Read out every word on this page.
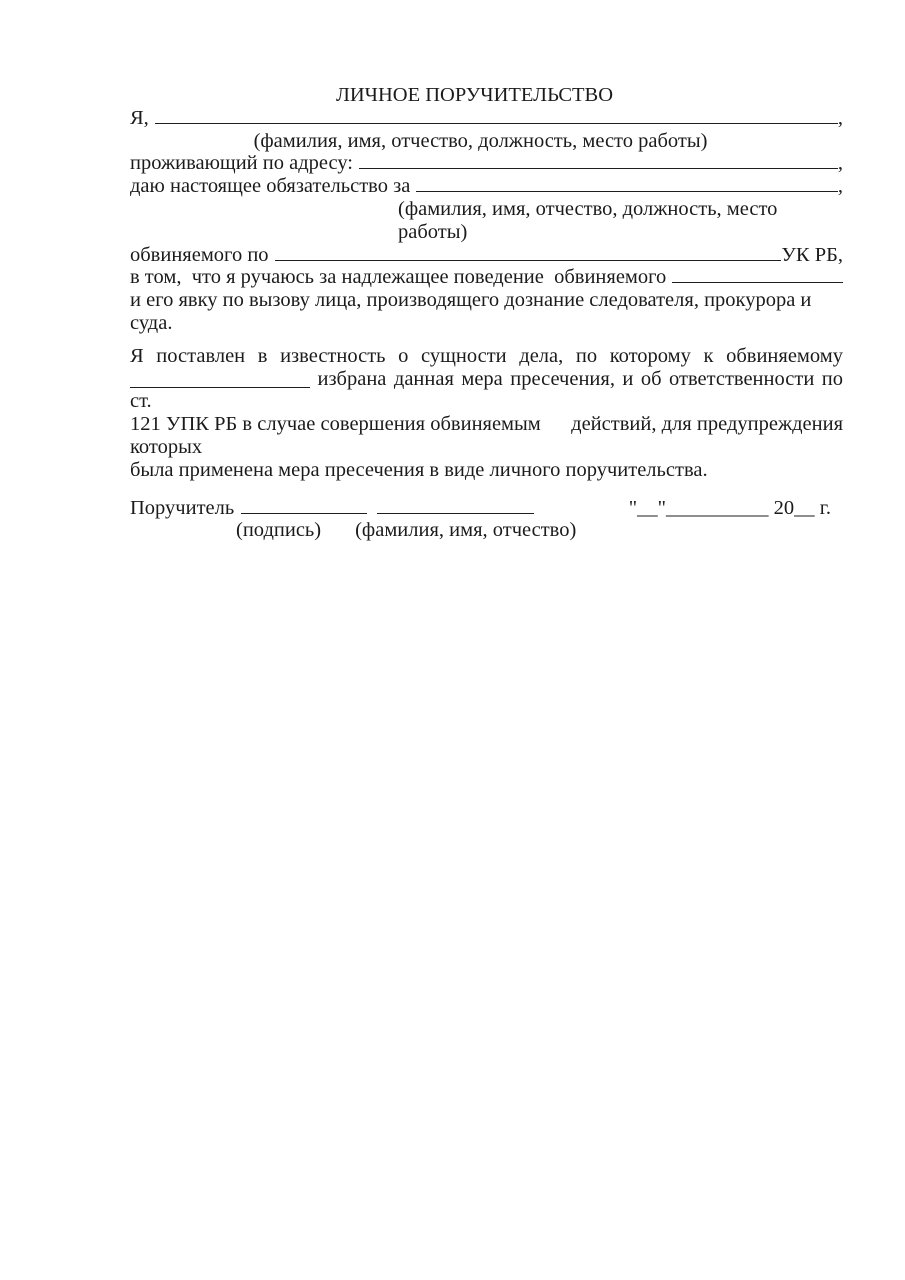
ЛИЧНОЕ ПОРУЧИТЕЛЬСТВО
Я,	,
(фамилия, имя, отчество, должность, место работы)
проживающий по адресу:	,
даю настоящее обязательство за	,
(фамилия, имя, отчество, должность, место работы)
обвиняемого по	УК РБ,
в том,  что я ручаюсь за надлежащее поведение  обвиняемого
и его явку по вызову лица, производящего дознание следователя, прокурора и суда.
Я поставлен в известность о сущности дела, по которому к обвиняемому
избрана данная мера пресечения, и об ответственности по ст.
121 УПК РБ в случае совершения обвиняемым действий, для предупреждения которых
была применена мера пресечения в виде личного поручительства.
Поручитель	"__"__________ 20__ г.
(подпись) (фамилия, имя, отчество)
